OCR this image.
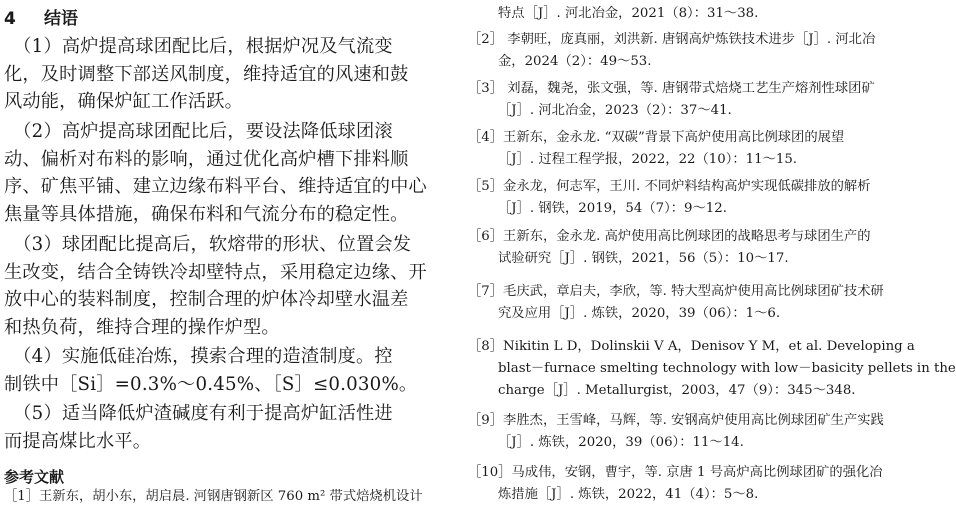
4 结语
　（1）高炉提高球团配比后，根据炉况及气流变
化，及时调整下部送风制度，维持适宜的风速和鼓
风动能，确保炉缸工作活跃。
　（2）高炉提高球团配比后，要设法降低球团滚
动、偏析对布料的影响，通过优化高炉槽下排料顺
序、矿焦平铺、建立边缘布料平台、维持适宜的中心
焦量等具体措施，确保布料和气流分布的稳定性。
　（3）球团配比提高后，软熔带的形状、位置会发
生改变，结合全铸铁冷却壁特点，采用稳定边缘、开
放中心的装料制度，控制合理的炉体冷却壁水温差
和热负荷，维持合理的操作炉型。
　（4）实施低硅冶炼，摸索合理的造渣制度。控
制铁中［Si］=0.3%～0.45%、［S］≤0.030%。
　（5）适当降低炉渣碱度有利于提高炉缸活性进
而提高煤比水平。
参考文献
［1］王新东，胡小东，胡启晨. 河钢唐钢新区 760 m² 带式焙烧机设计
特点［J］. 河北冶金，2021（8）：31～38.
［2］ 李朝旺，庞真丽，刘洪新. 唐钢高炉炼铁技术进步［J］. 河北冶
金，2024（2）：49～53.
［3］ 刘磊，魏尧，张文强，等. 唐钢带式焙烧工艺生产熔剂性球团矿
［J］. 河北冶金，2023（2）：37～41.
［4］王新东，金永龙. “双碳”背景下高炉使用高比例球团的展望
［J］. 过程工程学报，2022，22（10）：11～15.
［5］金永龙，何志军，王川. 不同炉料结构高炉实现低碳排放的解析
［J］. 钢铁，2019，54（7）：9～12.
［6］王新东，金永龙. 高炉使用高比例球团的战略思考与球团生产的
试验研究［J］. 钢铁，2021，56（5）：10～17.
［7］毛庆武，章启夫，李欣，等. 特大型高炉使用高比例球团矿技术研
究及应用［J］. 炼铁，2020，39（06）：1～6.
［8］Nikitin L D，Dolinskii V A，Denisov Y M，et al. Developing a
blast－furnace smelting technology with low－basicity pellets in the
charge［J］. Metallurgist，2003，47（9）：345～348.
［9］李胜杰，王雪峰，马辉，等. 安钢高炉使用高比例球团矿生产实践
［J］. 炼铁，2020，39（06）：11～14.
［10］马成伟，安钢，曹宇，等. 京唐 1 号高炉高比例球团矿的强化冶
炼措施［J］. 炼铁，2022，41（4）：5～8.
